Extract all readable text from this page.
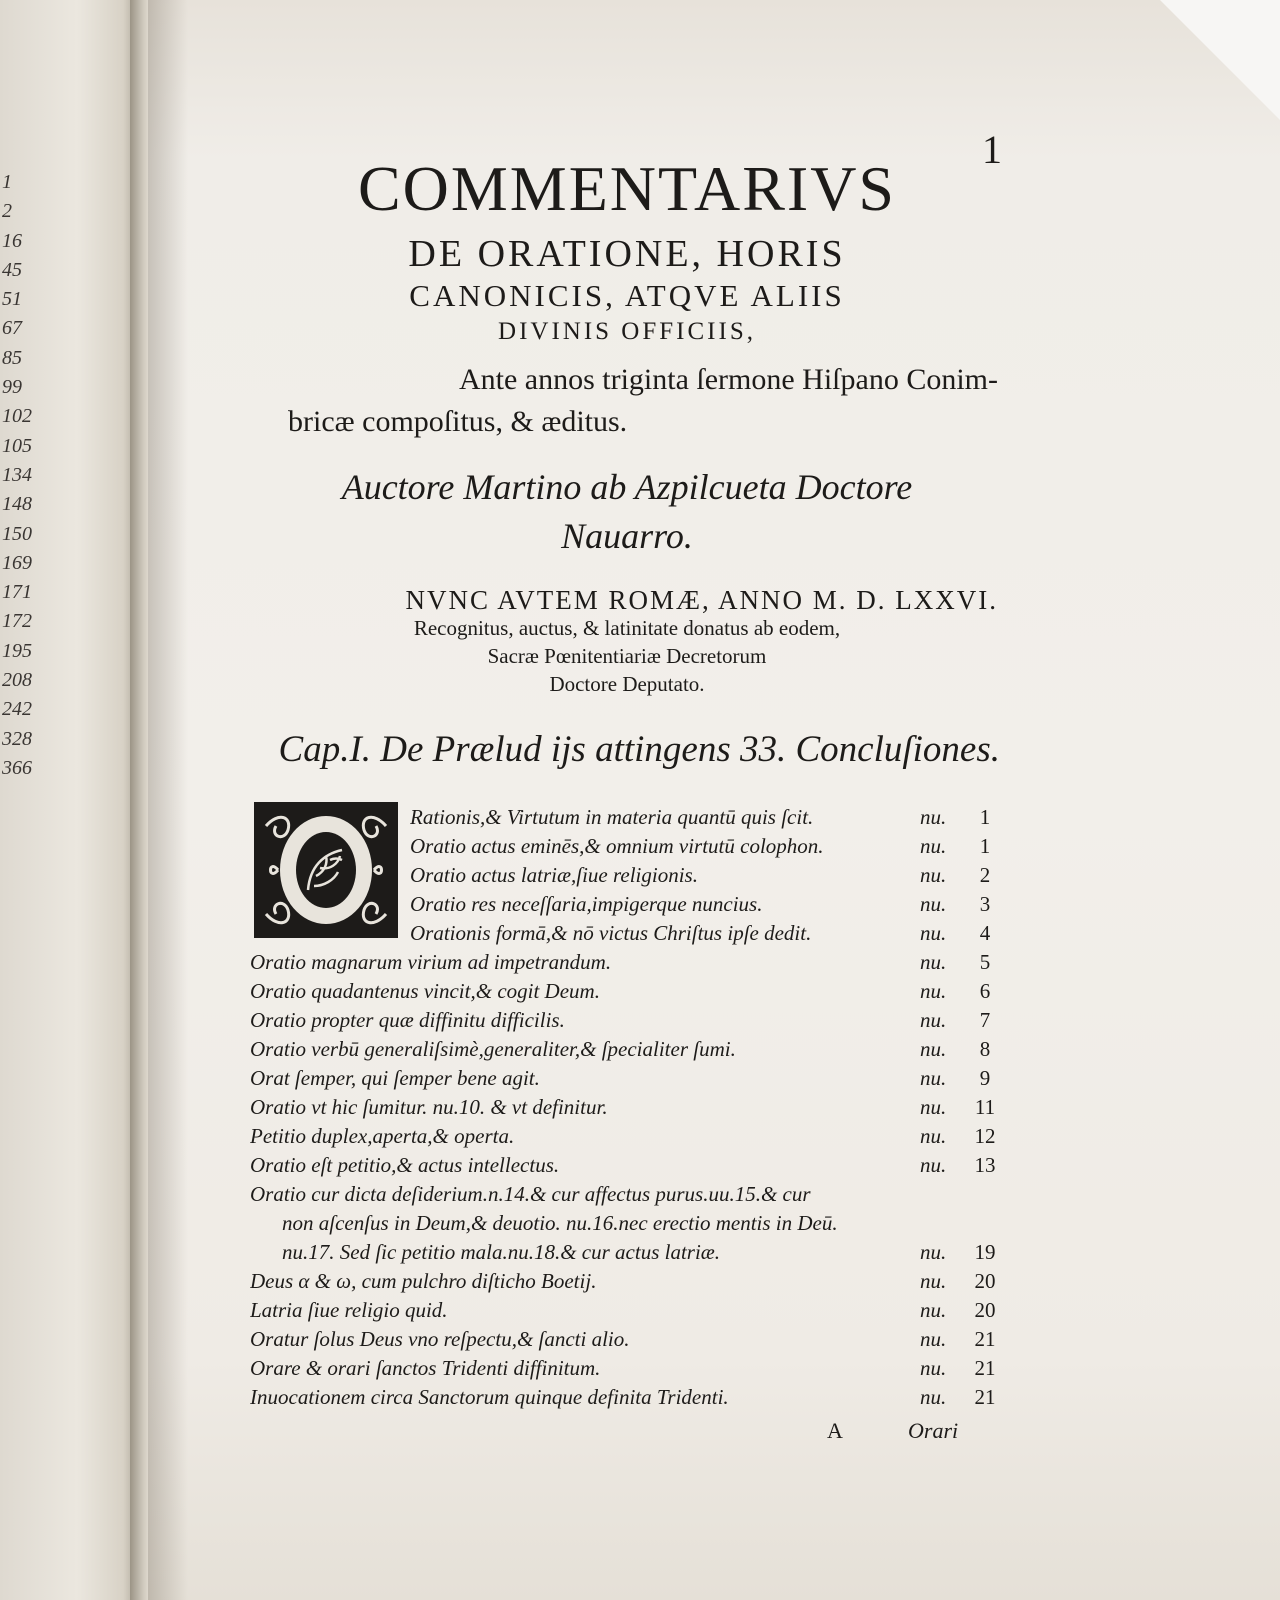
1
2
16
45
51
67
85
99
102
105
134
148
150
169
171
172
195
208
242
328
366
1
COMMENTARIVS
DE ORATIONE, HORIS
CANONICIS, ATQVE ALIIS
DIVINIS OFFICIIS,
Ante annos triginta ſermone Hiſpano Conim-
bricæ compoſitus, & æditus.
Auctore Martino ab Azpilcueta Doctore
Nauarro.
NVNC AVTEM ROMÆ, ANNO M. D. LXXVI.
Recognitus, auctus, & latinitate donatus ab eodem,
Sacræ Pœnitentiariæ Decretorum
Doctore Deputato.
Cap.I. De Prælud ijs attingens 33. Concluſiones.
Rationis,& Virtutum in materia quantū quis ſcit.	nu.	1
Oratio actus eminēs,& omnium virtutū colophon.	nu.	1
Oratio actus latriæ,ſiue religionis.	nu.	2
Oratio res neceſſaria,impigerque nuncius.	nu.	3
Orationis formā,& nō victus Chriſtus ipſe dedit.	nu.	4
Oratio magnarum virium ad impetrandum.	nu.	5
Oratio quadantenus vincit,& cogit Deum.	nu.	6
Oratio propter quæ diffinitu difficilis.	nu.	7
Oratio verbū generaliſsimè,generaliter,& ſpecialiter ſumi.	nu.	8
Orat ſemper, qui ſemper bene agit.	nu.	9
Oratio vt hic ſumitur. nu.10. & vt definitur.	nu.	11
Petitio duplex,aperta,& operta.	nu.	12
Oratio eſt petitio,& actus intellectus.	nu.	13
Oratio cur dicta deſiderium.n.14.& cur affectus purus.uu.15.& cur
non aſcenſus in Deum,& deuotio. nu.16.nec erectio mentis in Deū.
nu.17. Sed ſic petitio mala.nu.18.& cur actus latriæ.	nu.	19
Deus α & ω, cum pulchro diſticho Boetij.	nu.	20
Latria ſiue religio quid.	nu.	20
Oratur ſolus Deus vno reſpectu,& ſancti alio.	nu.	21
Orare & orari ſanctos Tridenti diffinitum.	nu.	21
Inuocationem circa Sanctorum quinque definita Tridenti.	nu.	21
A	Orari
